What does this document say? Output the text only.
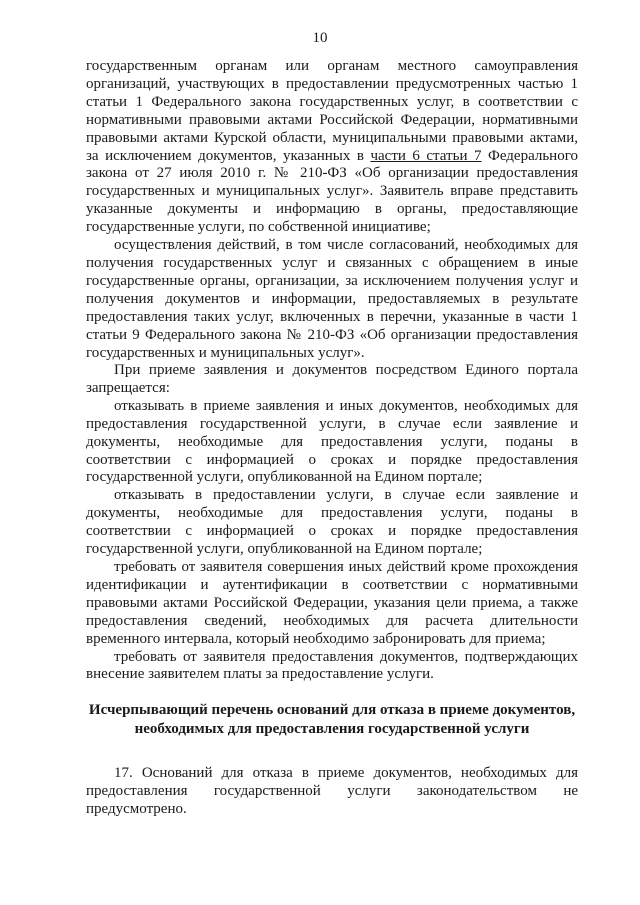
10

государственным органам или органам местного самоуправления организаций, участвующих в предоставлении предусмотренных частью 1 статьи 1 Федерального закона государственных услуг, в соответствии с нормативными правовыми актами Российской Федерации, нормативными правовыми актами Курской области, муниципальными правовыми актами, за исключением документов, указанных в части 6 статьи 7 Федерального закона от 27 июля 2010 г. № 210-ФЗ «Об организации предоставления государственных и муниципальных услуг». Заявитель вправе представить указанные документы и информацию в органы, предоставляющие государственные услуги, по собственной инициативе;

осуществления действий, в том числе согласований, необходимых для получения государственных услуг и связанных с обращением в иные государственные органы, организации, за исключением получения услуг и получения документов и информации, предоставляемых в результате предоставления таких услуг, включенных в перечни, указанные в части 1 статьи 9 Федерального закона № 210-ФЗ «Об организации предоставления государственных и муниципальных услуг».

При приеме заявления и документов посредством Единого портала запрещается:

отказывать в приеме заявления и иных документов, необходимых для предоставления государственной услуги, в случае если заявление и документы, необходимые для предоставления услуги, поданы в соответствии с информацией о сроках и порядке предоставления государственной услуги, опубликованной на Едином портале;

отказывать в предоставлении услуги, в случае если заявление и документы, необходимые для предоставления услуги, поданы в соответствии с информацией о сроках и порядке предоставления государственной услуги, опубликованной на Едином портале;

требовать от заявителя совершения иных действий кроме прохождения идентификации и аутентификации в соответствии с нормативными правовыми актами Российской Федерации, указания цели приема, а также предоставления сведений, необходимых для расчета длительности временного интервала, который необходимо забронировать для приема;

требовать от заявителя предоставления документов, подтверждающих внесение заявителем платы за предоставление услуги.

Исчерпывающий перечень оснований для отказа в приеме документов, необходимых для предоставления государственной услуги

17. Оснований для отказа в приеме документов, необходимых для предоставления государственной услуги законодательством не предусмотрено.
